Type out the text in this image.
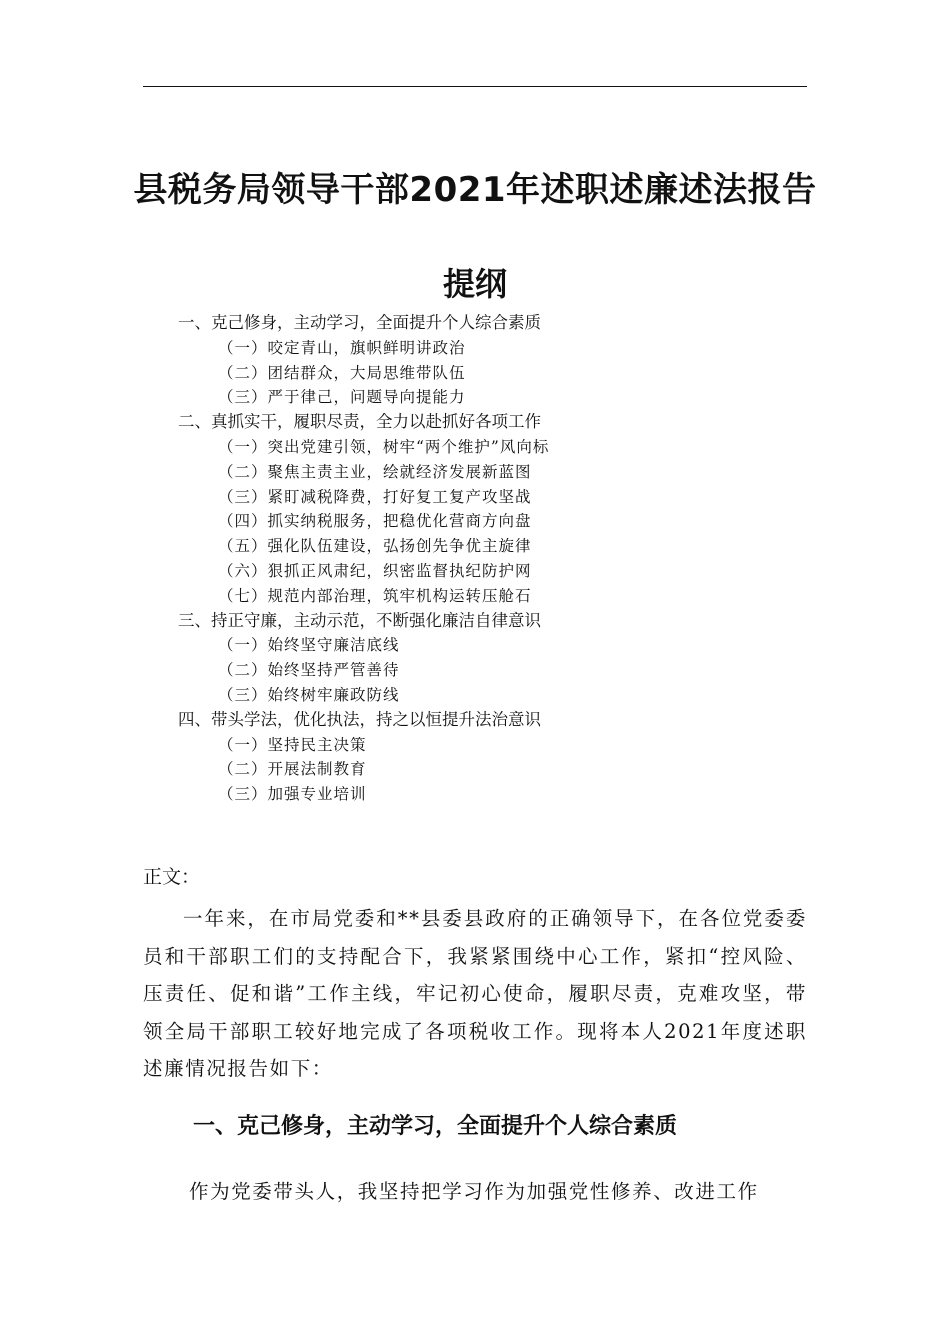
县税务局领导干部2021年述职述廉述法报告
提纲
一、克己修身，主动学习，全面提升个人综合素质
（一）咬定青山，旗帜鲜明讲政治
（二）团结群众，大局思维带队伍
（三）严于律己，问题导向提能力
二、真抓实干，履职尽责，全力以赴抓好各项工作
（一）突出党建引领，树牢“两个维护”风向标
（二）聚焦主责主业，绘就经济发展新蓝图
（三）紧盯减税降费，打好复工复产攻坚战
（四）抓实纳税服务，把稳优化营商方向盘
（五）强化队伍建设，弘扬创先争优主旋律
（六）狠抓正风肃纪，织密监督执纪防护网
（七）规范内部治理，筑牢机构运转压舱石
三、持正守廉，主动示范，不断强化廉洁自律意识
（一）始终坚守廉洁底线
（二）始终坚持严管善待
（三）始终树牢廉政防线
四、带头学法，优化执法，持之以恒提升法治意识
（一）坚持民主决策
（二）开展法制教育
（三）加强专业培训
正文：
一年来，在市局党委和**县委县政府的正确领导下，在各位党委委员和干部职工们的支持配合下，我紧紧围绕中心工作，紧扣“控风险、压责任、促和谐”工作主线，牢记初心使命，履职尽责，克难攻坚，带领全局干部职工较好地完成了各项税收工作。现将本人2021年度述职述廉情况报告如下：
一、克己修身，主动学习，全面提升个人综合素质
作为党委带头人，我坚持把学习作为加强党性修养、改进工作
